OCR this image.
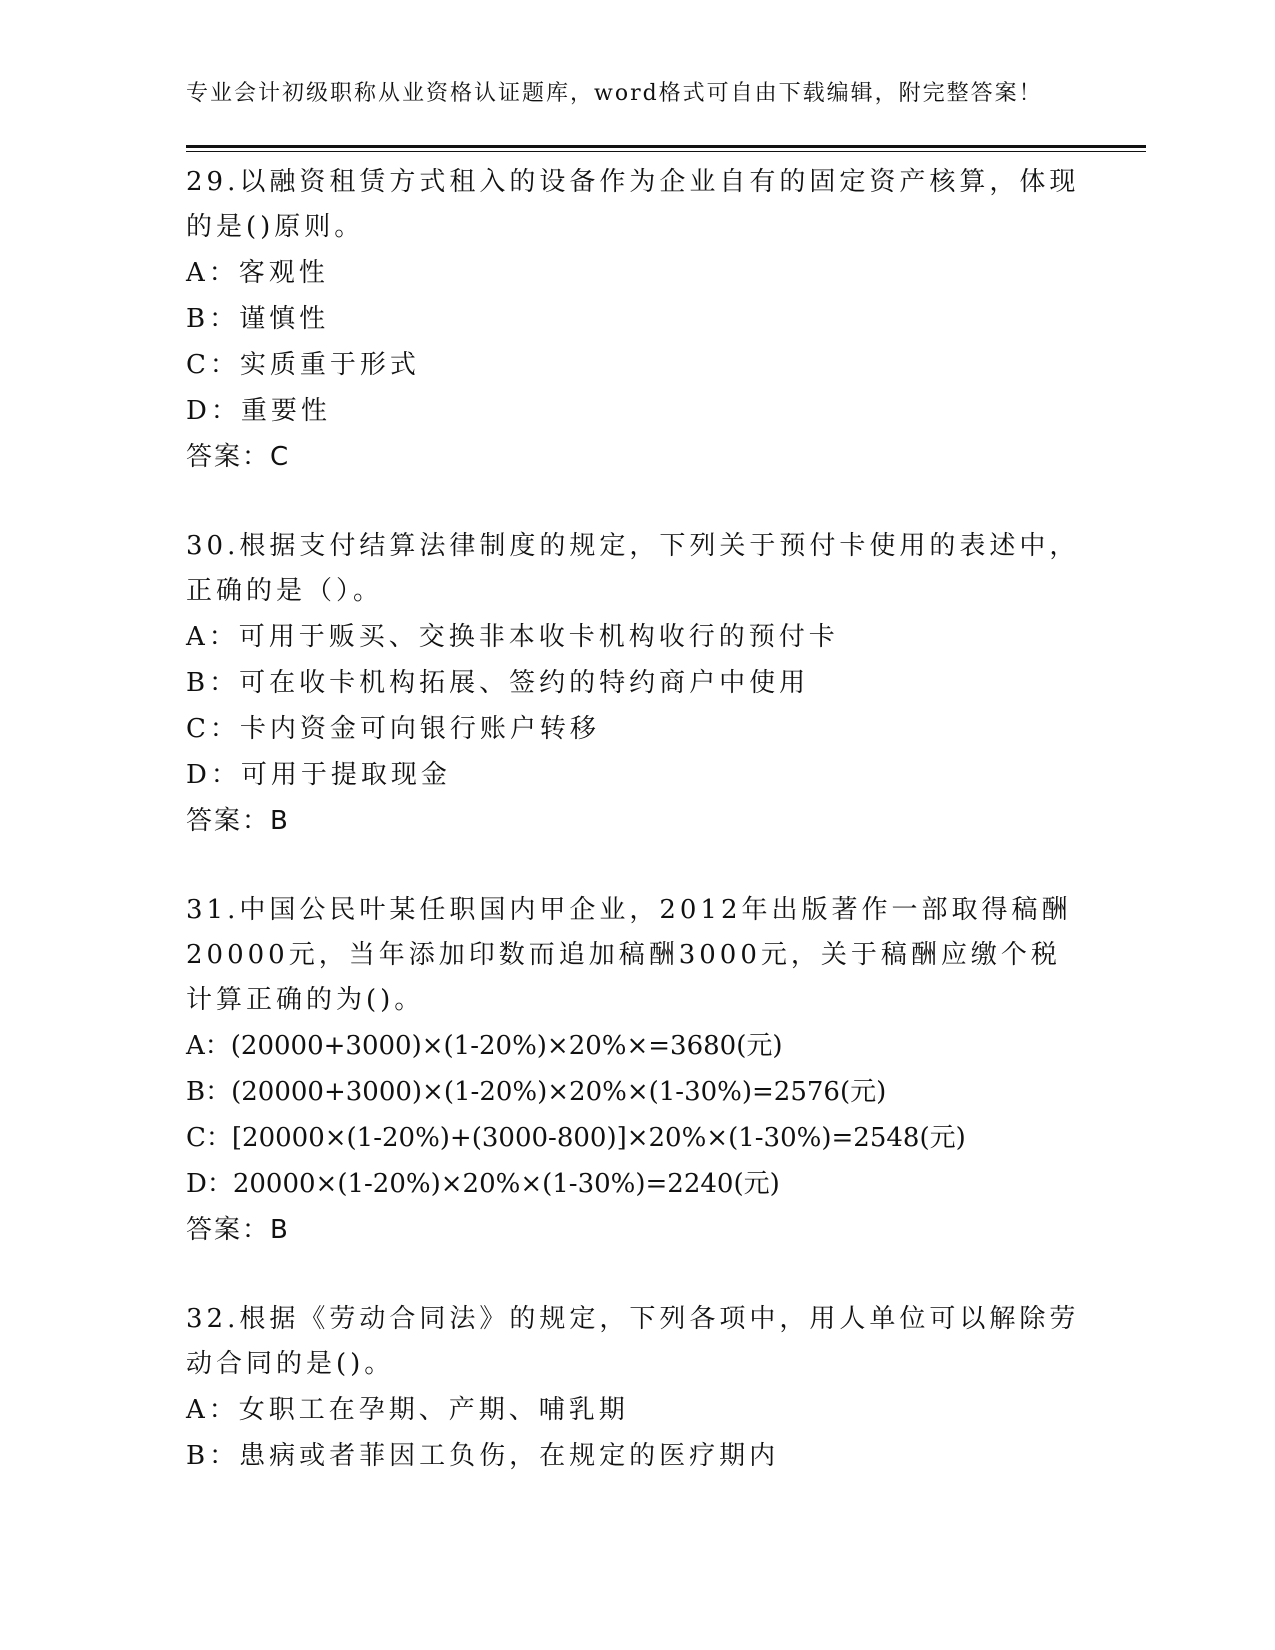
专业会计初级职称从业资格认证题库，word格式可自由下载编辑，附完整答案！
29.以融资租赁方式租入的设备作为企业自有的固定资产核算，体现的是()原则。
A：客观性
B：谨慎性
C：实质重于形式
D：重要性
答案：C
30.根据支付结算法律制度的规定，下列关于预付卡使用的表述中，正确的是（）。
A：可用于贩买、交换非本收卡机构收行的预付卡
B：可在收卡机构拓展、签约的特约商户中使用
C：卡内资金可向银行账户转移
D：可用于提取现金
答案：B
31.中国公民叶某任职国内甲企业，2012年出版著作一部取得稿酬20000元，当年添加印数而追加稿酬3000元，关于稿酬应缴个税计算正确的为()。
A：(20000+3000)×(1-20%)×20%×=3680(元)
B：(20000+3000)×(1-20%)×20%×(1-30%)=2576(元)
C：[20000×(1-20%)+(3000-800)]×20%×(1-30%)=2548(元)
D：20000×(1-20%)×20%×(1-30%)=2240(元)
答案：B
32.根据《劳动合同法》的规定，下列各项中，用人单位可以解除劳动合同的是()。
A：女职工在孕期、产期、哺乳期
B：患病或者菲因工负伤，在规定的医疗期内
